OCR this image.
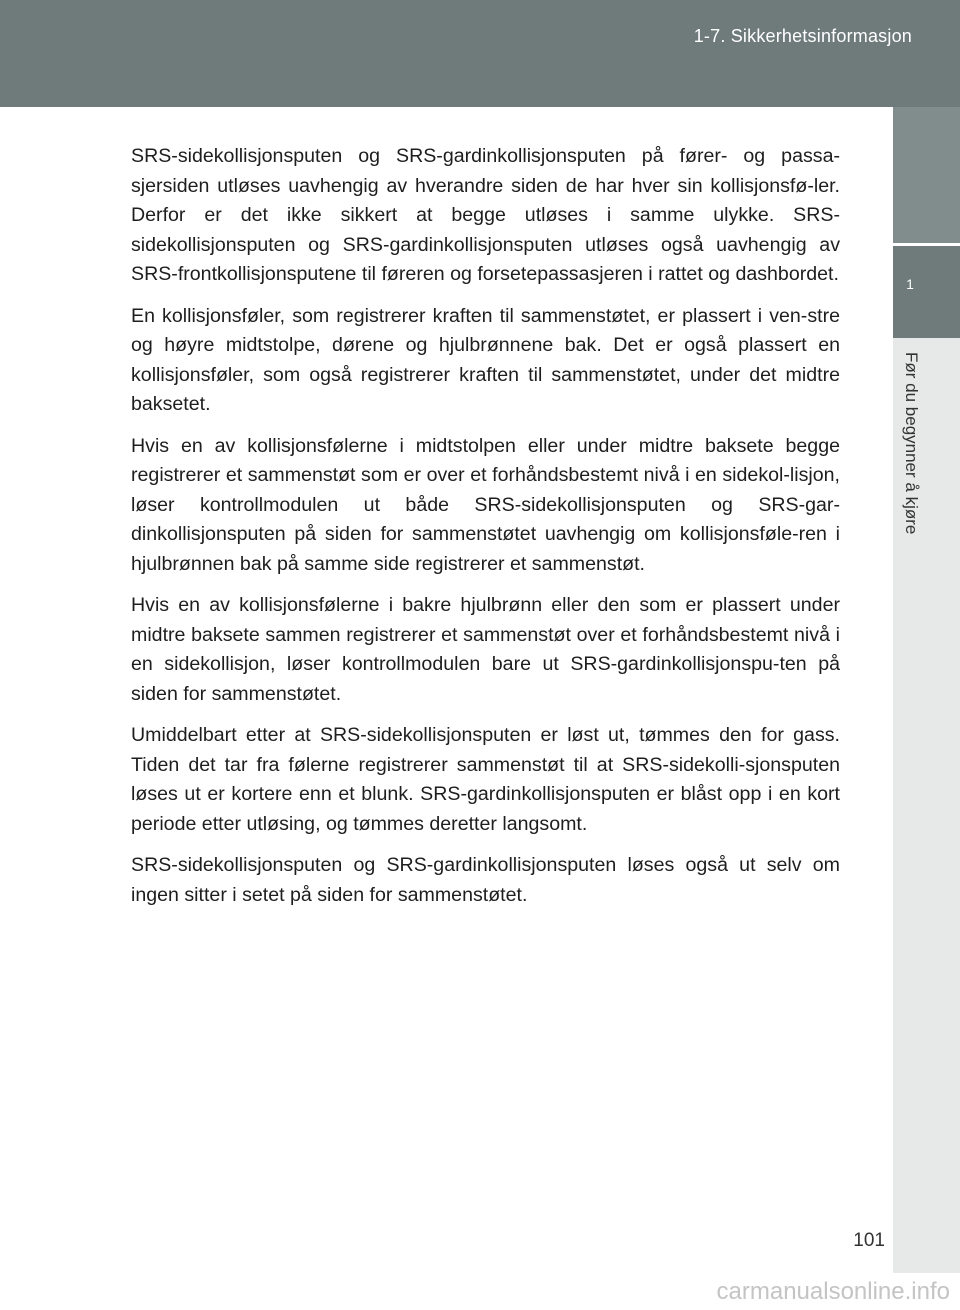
1-7. Sikkerhetsinformasjon
1
Før du begynner å kjøre

SRS-sidekollisjonsputen og SRS-gardinkollisjonsputen på fører- og passa-sjersiden utløses uavhengig av hverandre siden de har hver sin kollisjonsfø-ler. Derfor er det ikke sikkert at begge utløses i samme ulykke. SRS-sidekollisjonsputen og SRS-gardinkollisjonsputen utløses også uavhengig av SRS-frontkollisjonsputene til føreren og forsetepassasjeren i rattet og dashbordet.

En kollisjonsføler, som registrerer kraften til sammenstøtet, er plassert i ven-stre og høyre midtstolpe, dørene og hjulbrønnene bak. Det er også plassert en kollisjonsføler, som også registrerer kraften til sammenstøtet, under det midtre baksetet.

Hvis en av kollisjonsfølerne i midtstolpen eller under midtre baksete begge registrerer et sammenstøt som er over et forhåndsbestemt nivå i en sidekol-lisjon, løser kontrollmodulen ut både SRS-sidekollisjonsputen og SRS-gar-dinkollisjonsputen på siden for sammenstøtet uavhengig om kollisjonsføle-ren i hjulbrønnen bak på samme side registrerer et sammenstøt.

Hvis en av kollisjonsfølerne i bakre hjulbrønn eller den som er plassert under midtre baksete sammen registrerer et sammenstøt over et forhåndsbestemt nivå i en sidekollisjon, løser kontrollmodulen bare ut SRS-gardinkollisjonspu-ten på siden for sammenstøtet.

Umiddelbart etter at SRS-sidekollisjonsputen er løst ut, tømmes den for gass. Tiden det tar fra følerne registrerer sammenstøt til at SRS-sidekolli-sjonsputen løses ut er kortere enn et blunk. SRS-gardinkollisjonsputen er blåst opp i en kort periode etter utløsing, og tømmes deretter langsomt.

SRS-sidekollisjonsputen og SRS-gardinkollisjonsputen løses også ut selv om ingen sitter i setet på siden for sammenstøtet.

101
carmanualsonline.info
